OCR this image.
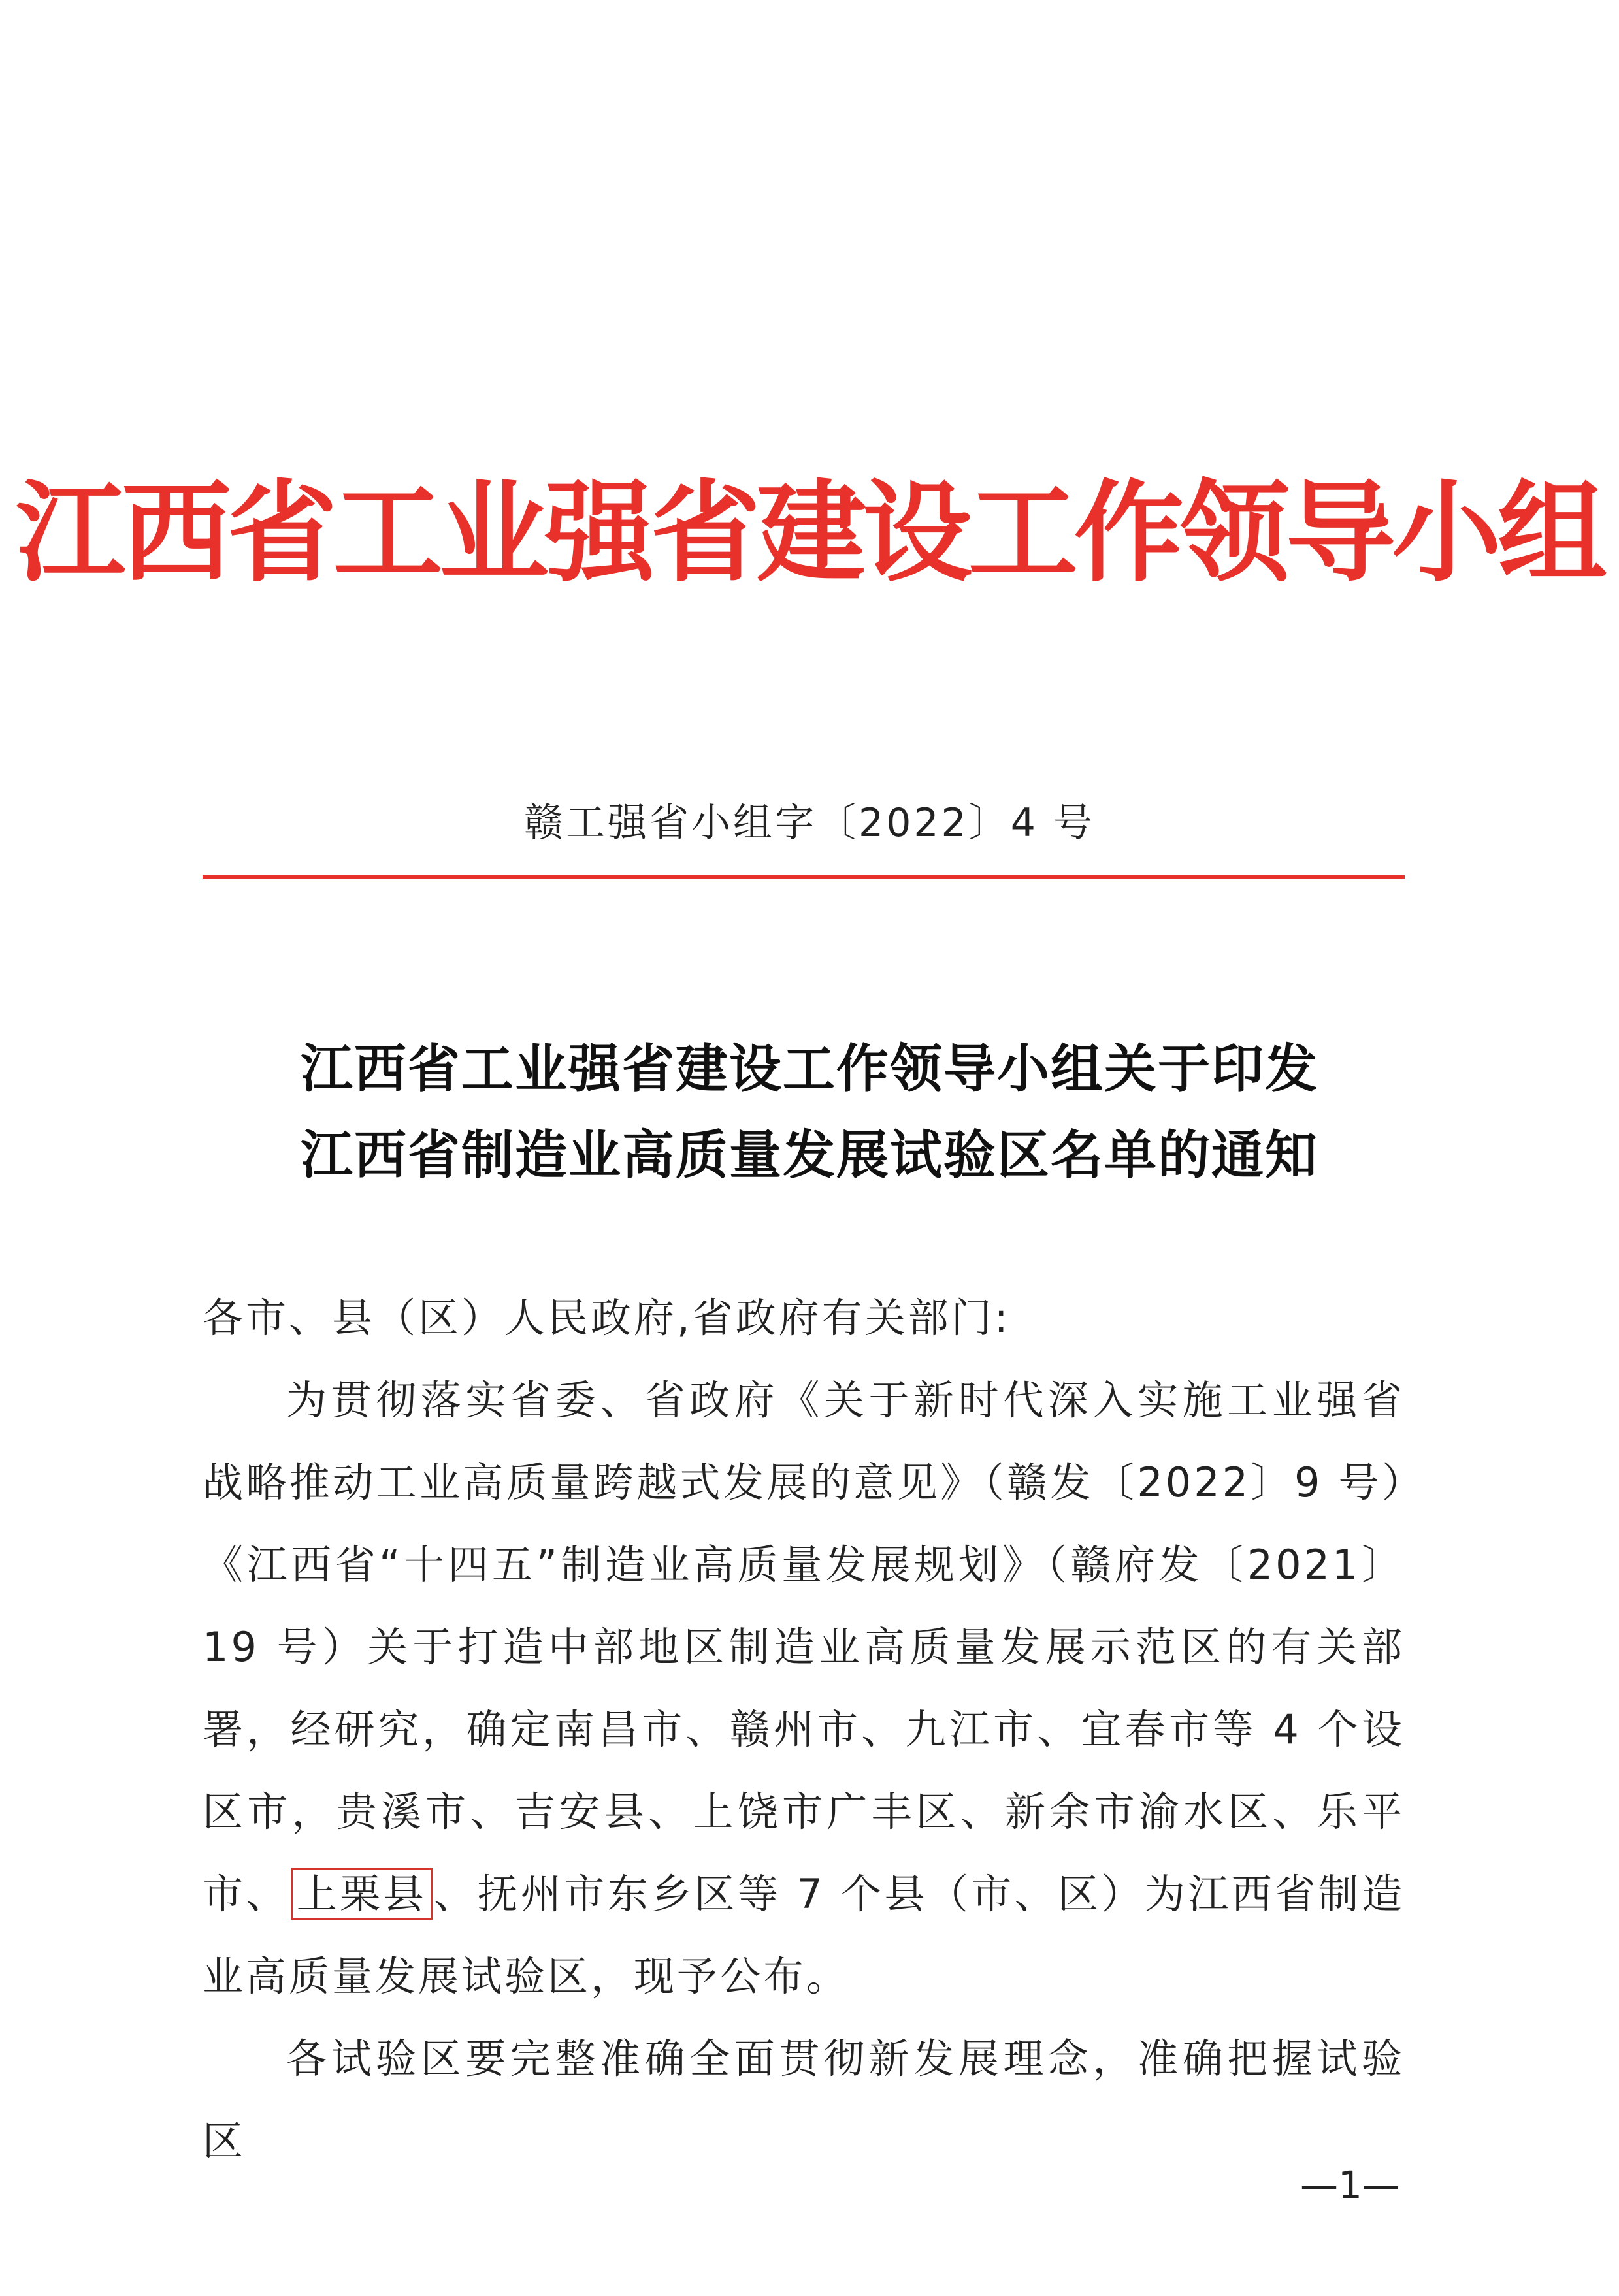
江西省工业强省建设工作领导小组
赣工强省小组字〔2022〕4 号
江西省工业强省建设工作领导小组关于印发
江西省制造业高质量发展试验区名单的通知

各市、县（区）人民政府,省政府有关部门:

为贯彻落实省委、省政府《关于新时代深入实施工业强省战略推动工业高质量跨越式发展的意见》（赣发〔2022〕9 号）《江西省“十四五”制造业高质量发展规划》（赣府发〔2021〕19 号）关于打造中部地区制造业高质量发展示范区的有关部署，经研究，确定南昌市、赣州市、九江市、宜春市等 4 个设区市，贵溪市、吉安县、上饶市广丰区、新余市渝水区、乐平市、 上栗县 、抚州市东乡区等 7 个县（市、区）为江西省制造业高质量发展试验区，现予公布。

各试验区要完整准确全面贯彻新发展理念，准确把握试验区

—1—
